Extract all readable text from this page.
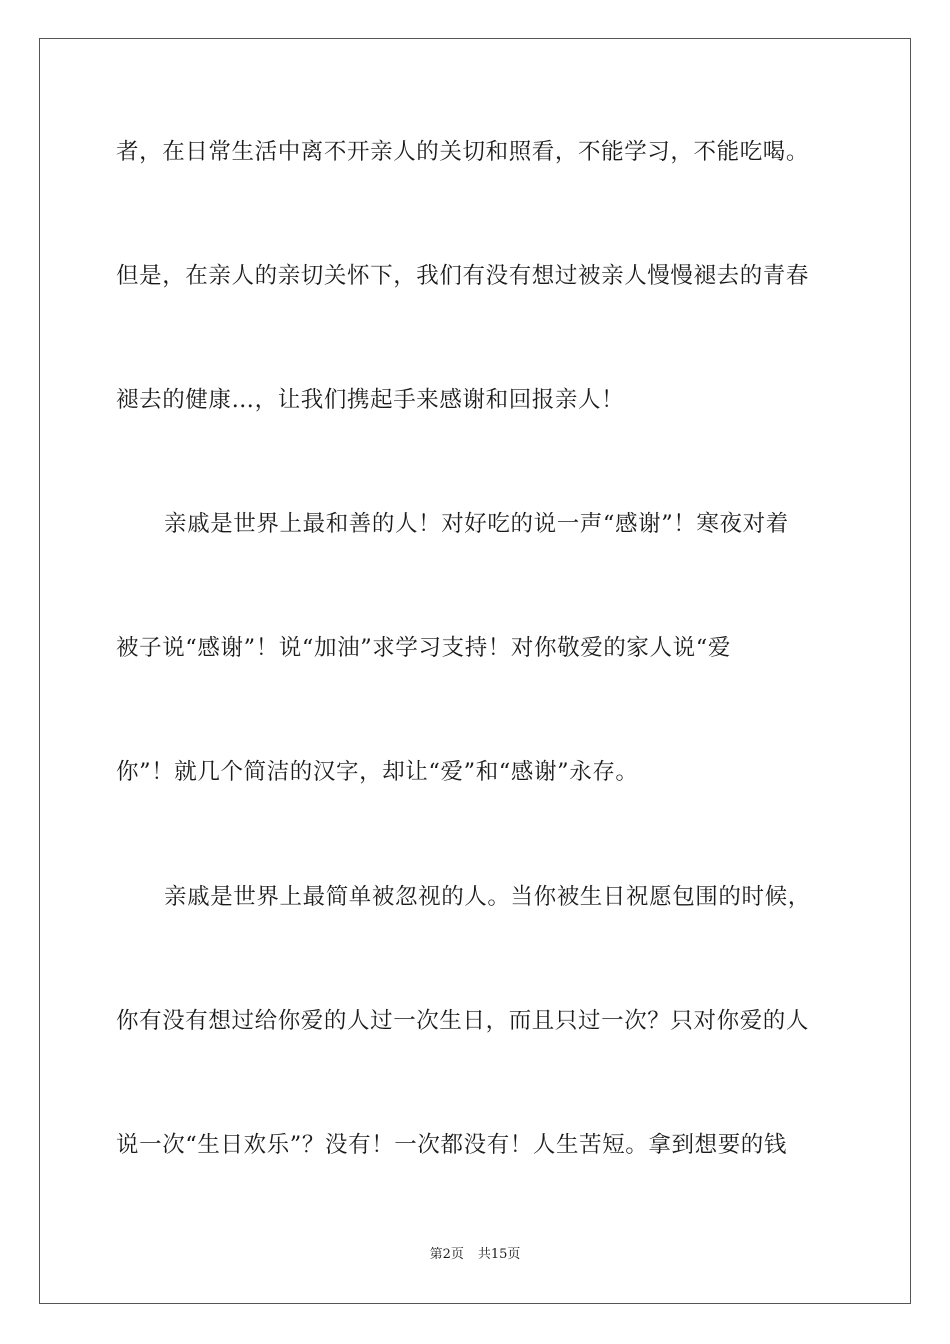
者，在日常生活中离不开亲人的关切和照看，不能学习，不能吃喝。
但是，在亲人的亲切关怀下，我们有没有想过被亲人慢慢褪去的青春
褪去的健康…，让我们携起手来感谢和回报亲人！
亲戚是世界上最和善的人！对好吃的说一声“感谢”！寒夜对着
被子说“感谢”！说“加油”求学习支持！对你敬爱的家人说“爱
你”！就几个简洁的汉字，却让“爱”和“感谢”永存。
亲戚是世界上最简单被忽视的人。当你被生日祝愿包围的时候，
你有没有想过给你爱的人过一次生日，而且只过一次？只对你爱的人
说一次“生日欢乐”？没有！一次都没有！人生苦短。拿到想要的钱
第2页 共15页
